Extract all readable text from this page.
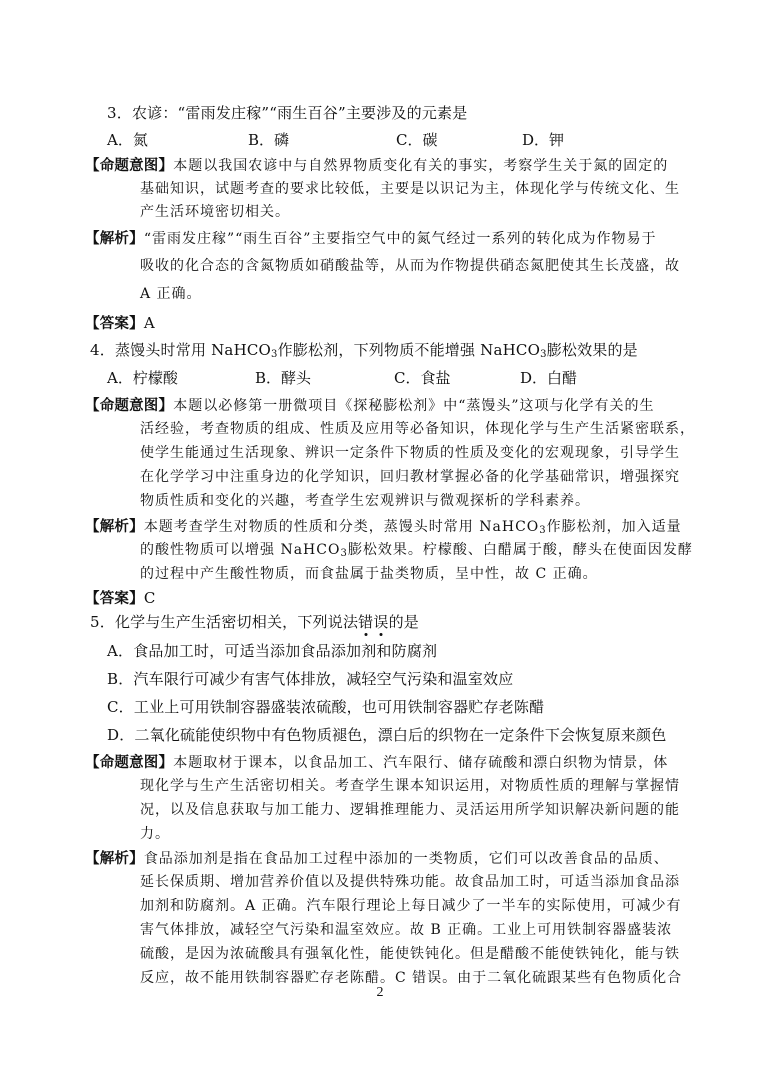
3．农谚：“雷雨发庄稼”“雨生百谷”主要涉及的元素是
A．氮	B．磷	C．碳	D．钾
【命题意图】本题以我国农谚中与自然界物质变化有关的事实，考察学生关于氮的固定的
基础知识，试题考查的要求比较低，主要是以识记为主，体现化学与传统文化、生
产生活环境密切相关。
【解析】“雷雨发庄稼”“雨生百谷”主要指空气中的氮气经过一系列的转化成为作物易于
吸收的化合态的含氮物质如硝酸盐等，从而为作物提供硝态氮肥使其生长茂盛，故
A 正确。
【答案】A
4．蒸馒头时常用 NaHCO$_3$作膨松剂，下列物质不能增强 NaHCO$_3$膨松效果的是
A．柠檬酸	B．酵头	C．食盐	D．白醋
【命题意图】本题以必修第一册微项目《探秘膨松剂》中“蒸馒头”这项与化学有关的生
活经验，考查物质的组成、性质及应用等必备知识，体现化学与生产生活紧密联系，
使学生能通过生活现象、辨识一定条件下物质的性质及变化的宏观现象，引导学生
在化学学习中注重身边的化学知识，回归教材掌握必备的化学基础常识，增强探究
物质性质和变化的兴趣，考查学生宏观辨识与微观探析的学科素养。
【解析】本题考查学生对物质的性质和分类，蒸馒头时常用 NaHCO$_3$作膨松剂，加入适量
的酸性物质可以增强 NaHCO$_3$膨松效果。柠檬酸、白醋属于酸，酵头在使面因发酵
的过程中产生酸性物质，而食盐属于盐类物质，呈中性，故 C 正确。
【答案】C
5．化学与生产生活密切相关，下列说法错误的是
A．食品加工时，可适当添加食品添加剂和防腐剂
B．汽车限行可减少有害气体排放，减轻空气污染和温室效应
C．工业上可用铁制容器盛装浓硫酸，也可用铁制容器贮存老陈醋
D．二氧化硫能使织物中有色物质褪色，漂白后的织物在一定条件下会恢复原来颜色
【命题意图】本题取材于课本，以食品加工、汽车限行、储存硫酸和漂白织物为情景，体
现化学与生产生活密切相关。考查学生课本知识运用，对物质性质的理解与掌握情
况，以及信息获取与加工能力、逻辑推理能力、灵活运用所学知识解决新问题的能
力。
【解析】食品添加剂是指在食品加工过程中添加的一类物质，它们可以改善食品的品质、
延长保质期、增加营养价值以及提供特殊功能。故食品加工时，可适当添加食品添
加剂和防腐剂。A 正确。汽车限行理论上每日减少了一半车的实际使用，可减少有
害气体排放，减轻空气污染和温室效应。故 B 正确。工业上可用铁制容器盛装浓
硫酸，是因为浓硫酸具有强氧化性，能使铁钝化。但是醋酸不能使铁钝化，能与铁
反应，故不能用铁制容器贮存老陈醋。C 错误。由于二氧化硫跟某些有色物质化合
2
